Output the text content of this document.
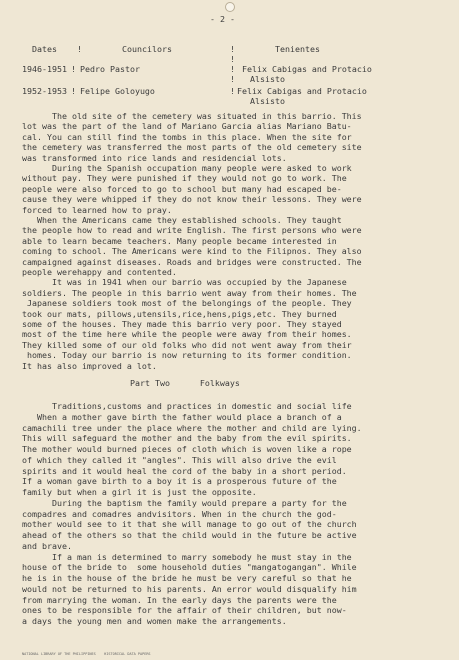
- 2 -
Dates !	Councilors	!	Tenientes
!
1946-1951 ! Pedro Pastor	! Felix Cabigas and Protacio
! Alsisto
1952-1953 ! Felipe Goloyugo	! Felix Cabigas and Protacio
Alsisto
The old site of the cemetery was situated in this barrio. This
lot was the part of the land of Mariano Garcia alias Mariano Batu-
cal. You can still find the tombs in this place. When the site for
the cemetery was transferred the most parts of the old cemetery site
was transformed into rice lands and residencial lots.
During the Spanish occupation many people were asked to work
without pay. They were punished if they would not go to work. The
people were also forced to go to school but many had escaped be-
cause they were whipped if they do not know their lessons. They were
forced to learned how to pray.
When the Americans came they established schools. They taught
the people how to read and write English. The first persons who were
able to learn became teachers. Many people became interested in
coming to school. The Americans were kind to the Filipnos. They also
campaigned against diseases. Roads and bridges were constructed. The
people werehappy and contented.
It was in 1941 when our barrio was occupied by the Japanese
soldiers. The people in this barrio went away from their homes. The
Japanese soldiers took most of the belongings of the people. They
took our mats, pillows,utensils,rice,hens,pigs,etc. They burned
some of the houses. They made this barrio very poor. They stayed
most of the time here while the people were away from their homes.
They killed some of our old folks who did not went away from their
homes. Today our barrio is now returning to its former condition.
It has also improved a lot.
Part Two      Folkways
Traditions,customs and practices in domestic and social life
When a mother gave birth the father would place a branch of a
camachili tree under the place where the mother and child are lying.
This will safeguard the mother and the baby from the evil spirits.
The mother would burned pieces of cloth which is woven like a rope
of which they called it "angles". This will also drive the evil
spirits and it would heal the cord of the baby in a short period.
If a woman gave birth to a boy it is a prosperous future of the
family but when a girl it is just the opposite.
During the baptism the family would prepare a party for the
compadres and comadres andvisitors. When in the church the god-
mother would see to it that she will manage to go out of the church
ahead of the others so that the child would in the future be active
and brave.
If a man is determined to marry somebody he must stay in the
house of the bride to  some household duties "mangatogangan". While
he is in the house of the bride he must be very careful so that he
would not be returned to his parents. An error would disqualify him
from marrying the woman. In the early days the parents were the
ones to be responsible for the affair of their children, but now-
a days the young men and women make the arrangements.
NATIONAL LIBRARY OF THE PHILIPPINES    HISTORICAL DATA PAPERS
